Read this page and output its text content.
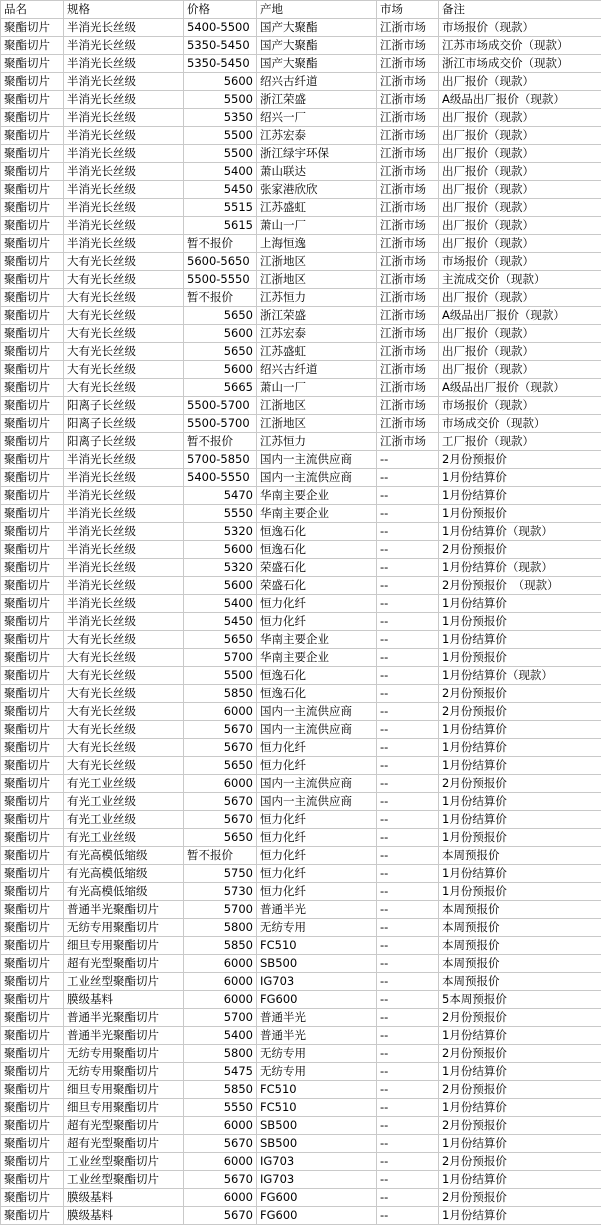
品名	规格	价格	产地	市场	备注
聚酯切片	半消光长丝级	5400-5500	国产大聚酯	江浙市场	市场报价（现款）
聚酯切片	半消光长丝级	5350-5450	国产大聚酯	江浙市场	江苏市场成交价（现款）
聚酯切片	半消光长丝级	5350-5450	国产大聚酯	江浙市场	浙江市场成交价（现款）
聚酯切片	半消光长丝级	5600	绍兴古纤道	江浙市场	出厂报价（现款）
聚酯切片	半消光长丝级	5500	浙江荣盛	江浙市场	A级品出厂报价（现款）
聚酯切片	半消光长丝级	5350	绍兴一厂	江浙市场	出厂报价（现款）
聚酯切片	半消光长丝级	5500	江苏宏泰	江浙市场	出厂报价（现款）
聚酯切片	半消光长丝级	5500	浙江绿宇环保	江浙市场	出厂报价（现款）
聚酯切片	半消光长丝级	5400	萧山联达	江浙市场	出厂报价（现款）
聚酯切片	半消光长丝级	5450	张家港欣欣	江浙市场	出厂报价（现款）
聚酯切片	半消光长丝级	5515	江苏盛虹	江浙市场	出厂报价（现款）
聚酯切片	半消光长丝级	5615	萧山一厂	江浙市场	出厂报价（现款）
聚酯切片	半消光长丝级	暂不报价	上海恒逸	江浙市场	出厂报价（现款）
聚酯切片	大有光长丝级	5600-5650	江浙地区	江浙市场	市场报价（现款）
聚酯切片	大有光长丝级	5500-5550	江浙地区	江浙市场	主流成交价（现款）
聚酯切片	大有光长丝级	暂不报价	江苏恒力	江浙市场	出厂报价（现款）
聚酯切片	大有光长丝级	5650	浙江荣盛	江浙市场	A级品出厂报价（现款）
聚酯切片	大有光长丝级	5600	江苏宏泰	江浙市场	出厂报价（现款）
聚酯切片	大有光长丝级	5650	江苏盛虹	江浙市场	出厂报价（现款）
聚酯切片	大有光长丝级	5600	绍兴古纤道	江浙市场	出厂报价（现款）
聚酯切片	大有光长丝级	5665	萧山一厂	江浙市场	A级品出厂报价（现款）
聚酯切片	阳离子长丝级	5500-5700	江浙地区	江浙市场	市场报价（现款）
聚酯切片	阳离子长丝级	5500-5700	江浙地区	江浙市场	市场成交价（现款）
聚酯切片	阳离子长丝级	暂不报价	江苏恒力	江浙市场	工厂报价（现款）
聚酯切片	半消光长丝级	5700-5850	国内一主流供应商	--	2月份预报价
聚酯切片	半消光长丝级	5400-5550	国内一主流供应商	--	1月份结算价
聚酯切片	半消光长丝级	5470	华南主要企业	--	1月份结算价
聚酯切片	半消光长丝级	5550	华南主要企业	--	1月份预报价
聚酯切片	半消光长丝级	5320	恒逸石化	--	1月份结算价（现款）
聚酯切片	半消光长丝级	5600	恒逸石化	--	2月份预报价
聚酯切片	半消光长丝级	5320	荣盛石化	--	1月份结算价（现款）
聚酯切片	半消光长丝级	5600	荣盛石化	--	2月份预报价　（现款）
聚酯切片	半消光长丝级	5400	恒力化纤	--	1月份结算价
聚酯切片	半消光长丝级	5450	恒力化纤	--	1月份预报价
聚酯切片	大有光长丝级	5650	华南主要企业	--	1月份结算价
聚酯切片	大有光长丝级	5700	华南主要企业	--	1月份预报价
聚酯切片	大有光长丝级	5500	恒逸石化	--	1月份结算价（现款）
聚酯切片	大有光长丝级	5850	恒逸石化	--	2月份预报价
聚酯切片	大有光长丝级	6000	国内一主流供应商	--	2月份预报价
聚酯切片	大有光长丝级	5670	国内一主流供应商	--	1月份结算价
聚酯切片	大有光长丝级	5670	恒力化纤	--	1月份结算价
聚酯切片	大有光长丝级	5650	恒力化纤	--	1月份结算价
聚酯切片	有光工业丝级	6000	国内一主流供应商	--	2月份预报价
聚酯切片	有光工业丝级	5670	国内一主流供应商	--	1月份结算价
聚酯切片	有光工业丝级	5670	恒力化纤	--	1月份结算价
聚酯切片	有光工业丝级	5650	恒力化纤	--	1月份预报价
聚酯切片	有光高模低缩级	暂不报价	恒力化纤	--	本周预报价
聚酯切片	有光高模低缩级	5750	恒力化纤	--	1月份结算价
聚酯切片	有光高模低缩级	5730	恒力化纤	--	1月份预报价
聚酯切片	普通半光聚酯切片	5700	普通半光	--	本周预报价
聚酯切片	无纺专用聚酯切片	5800	无纺专用	--	本周预报价
聚酯切片	细旦专用聚酯切片	5850	FC510	--	本周预报价
聚酯切片	超有光型聚酯切片	6000	SB500	--	本周预报价
聚酯切片	工业丝型聚酯切片	6000	IG703	--	本周预报价
聚酯切片	膜级基料	6000	FG600	--	5本周预报价
聚酯切片	普通半光聚酯切片	5700	普通半光	--	2月份预报价
聚酯切片	普通半光聚酯切片	5400	普通半光	--	1月份结算价
聚酯切片	无纺专用聚酯切片	5800	无纺专用	--	2月份预报价
聚酯切片	无纺专用聚酯切片	5475	无纺专用	--	1月份结算价
聚酯切片	细旦专用聚酯切片	5850	FC510	--	2月份预报价
聚酯切片	细旦专用聚酯切片	5550	FC510	--	1月份结算价
聚酯切片	超有光型聚酯切片	6000	SB500	--	2月份预报价
聚酯切片	超有光型聚酯切片	5670	SB500	--	1月份结算价
聚酯切片	工业丝型聚酯切片	6000	IG703	--	2月份预报价
聚酯切片	工业丝型聚酯切片	5670	IG703	--	1月份结算价
聚酯切片	膜级基料	6000	FG600	--	2月份预报价
聚酯切片	膜级基料	5670	FG600	--	1月份结算价
